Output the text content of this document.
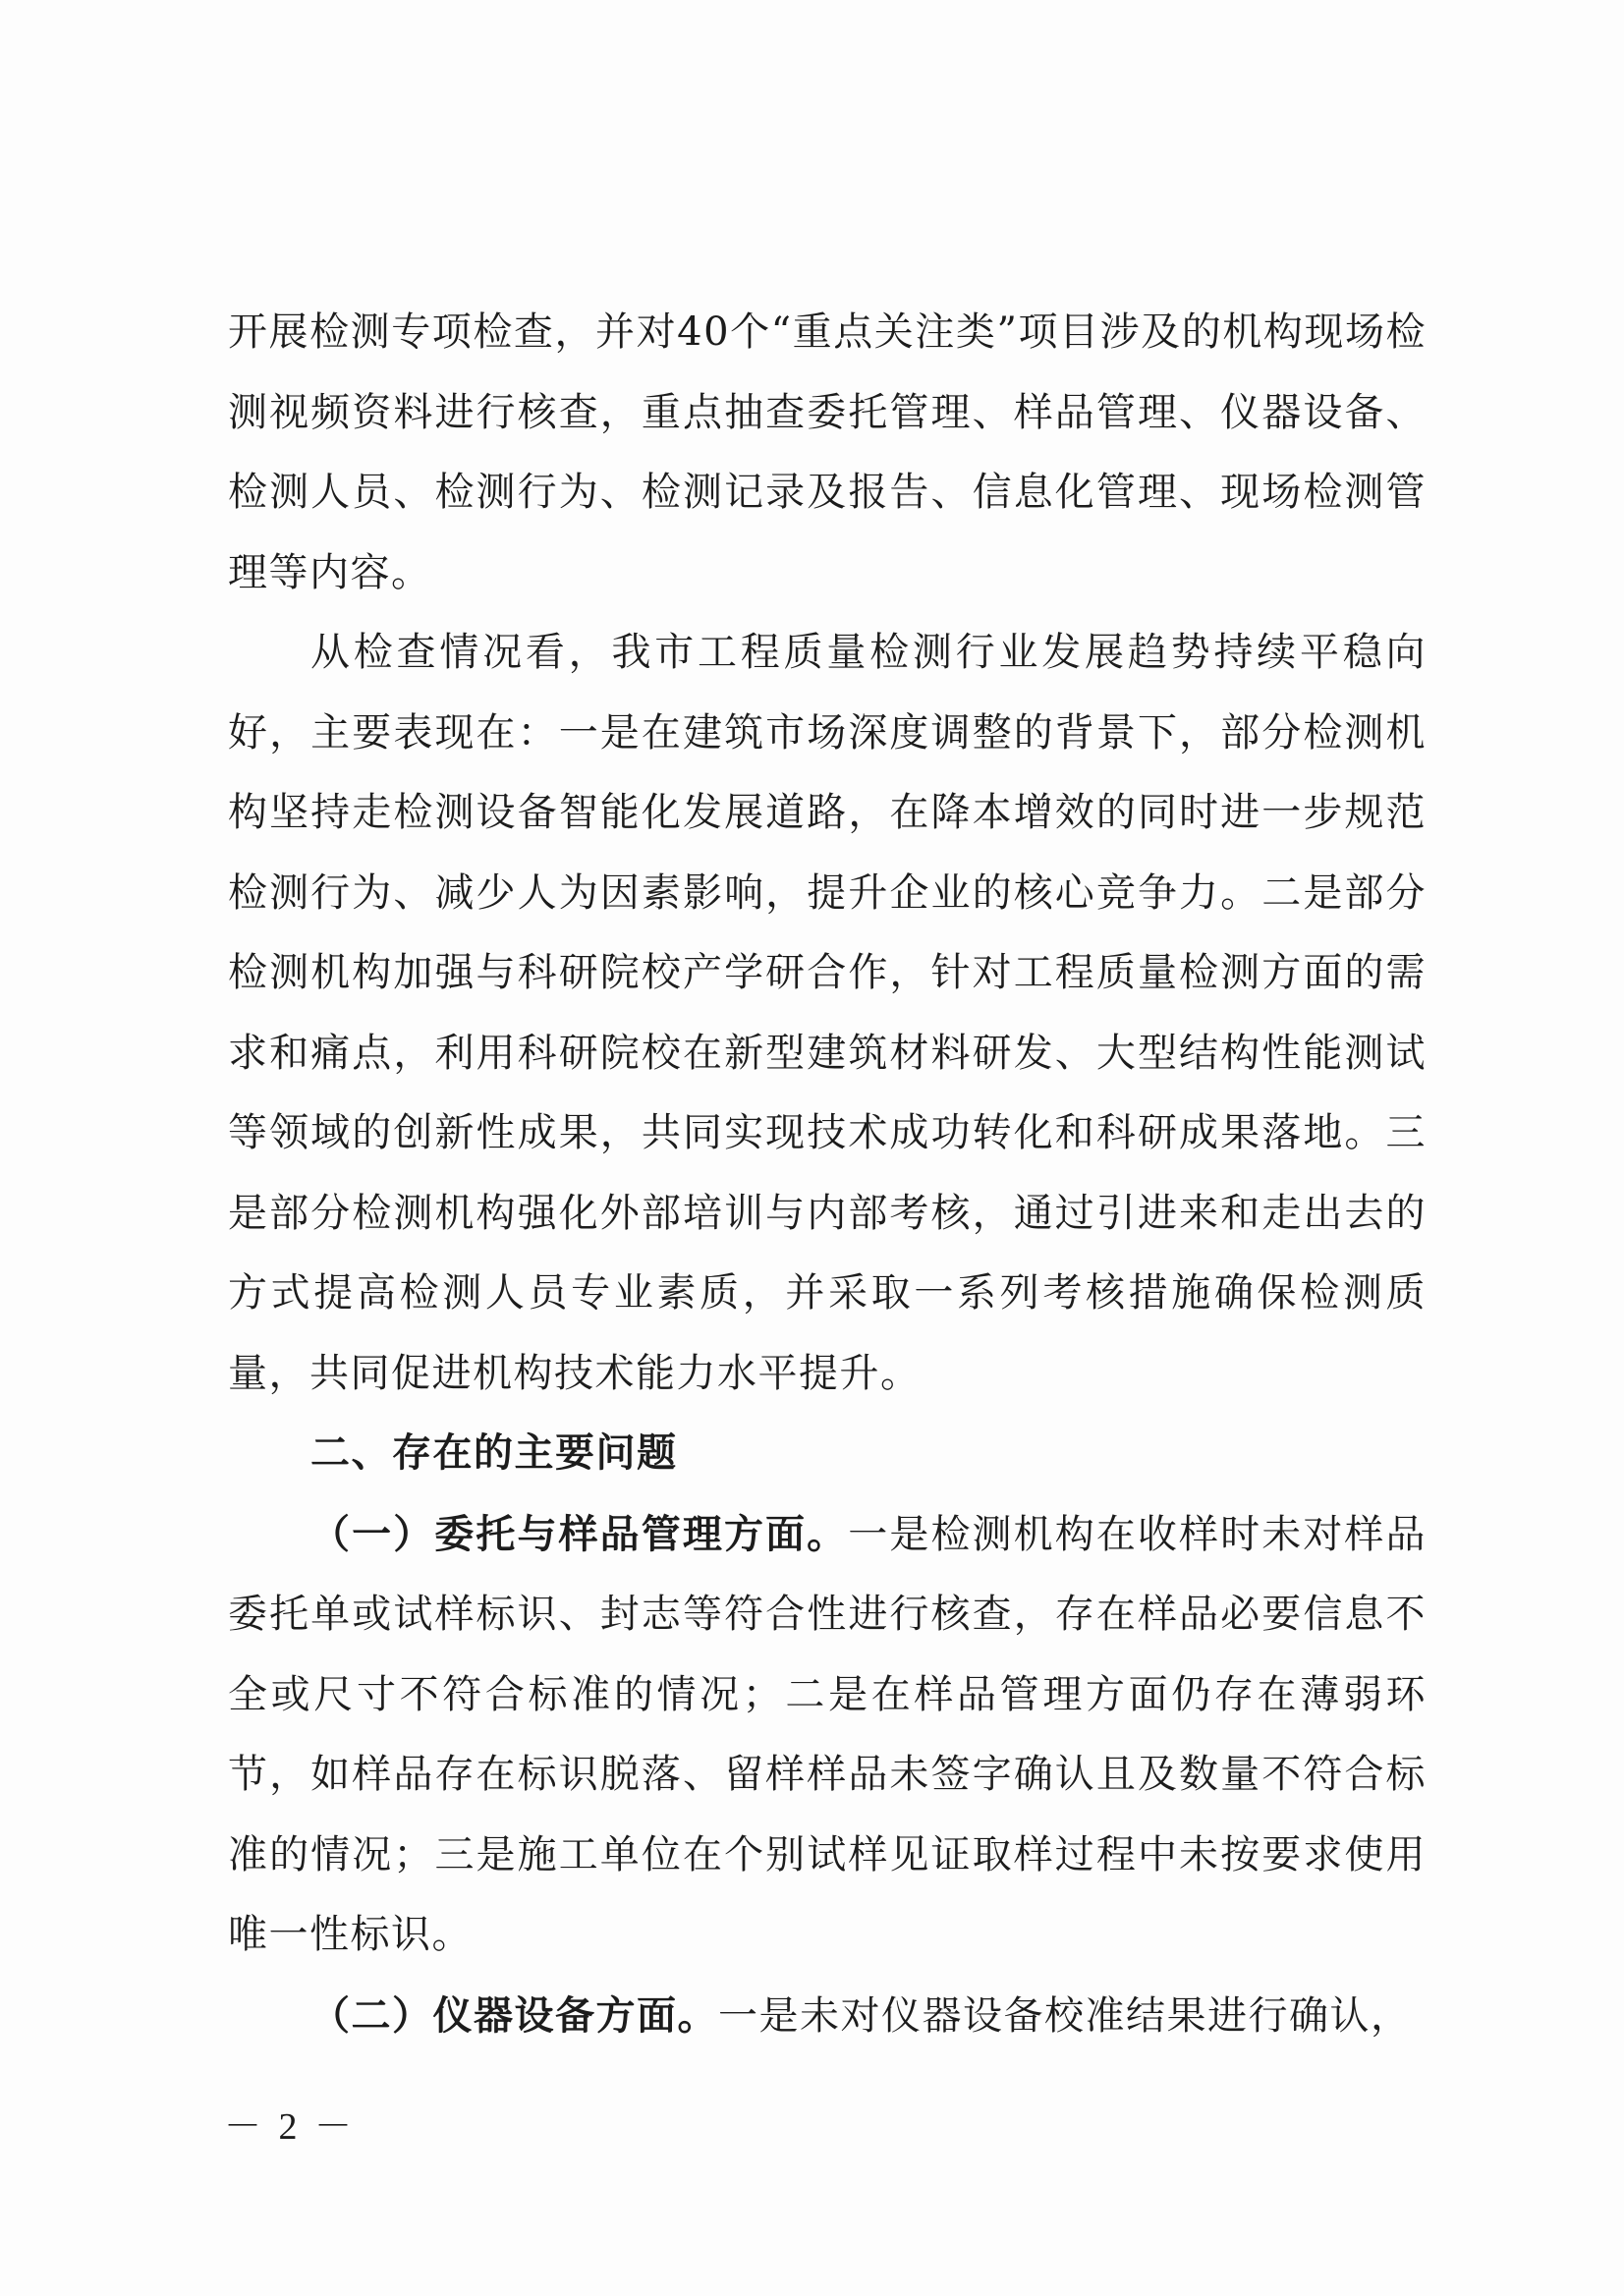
开展检测专项检查，并对40个“重点关注类”项目涉及的机构现场检测视频资料进行核查，重点抽查委托管理、样品管理、仪器设备、检测人员、检测行为、检测记录及报告、信息化管理、现场检测管理等内容。

从检查情况看，我市工程质量检测行业发展趋势持续平稳向好，主要表现在：一是在建筑市场深度调整的背景下，部分检测机构坚持走检测设备智能化发展道路，在降本增效的同时进一步规范检测行为、减少人为因素影响，提升企业的核心竞争力。二是部分检测机构加强与科研院校产学研合作，针对工程质量检测方面的需求和痛点，利用科研院校在新型建筑材料研发、大型结构性能测试等领域的创新性成果，共同实现技术成功转化和科研成果落地。三是部分检测机构强化外部培训与内部考核，通过引进来和走出去的方式提高检测人员专业素质，并采取一系列考核措施确保检测质量，共同促进机构技术能力水平提升。

二、存在的主要问题

（一）委托与样品管理方面。一是检测机构在收样时未对样品委托单或试样标识、封志等符合性进行核查，存在样品必要信息不全或尺寸不符合标准的情况；二是在样品管理方面仍存在薄弱环节，如样品存在标识脱落、留样样品未签字确认且及数量不符合标准的情况；三是施工单位在个别试样见证取样过程中未按要求使用唯一性标识。

（二）仪器设备方面。一是未对仪器设备校准结果进行确认，

－ 2 －
